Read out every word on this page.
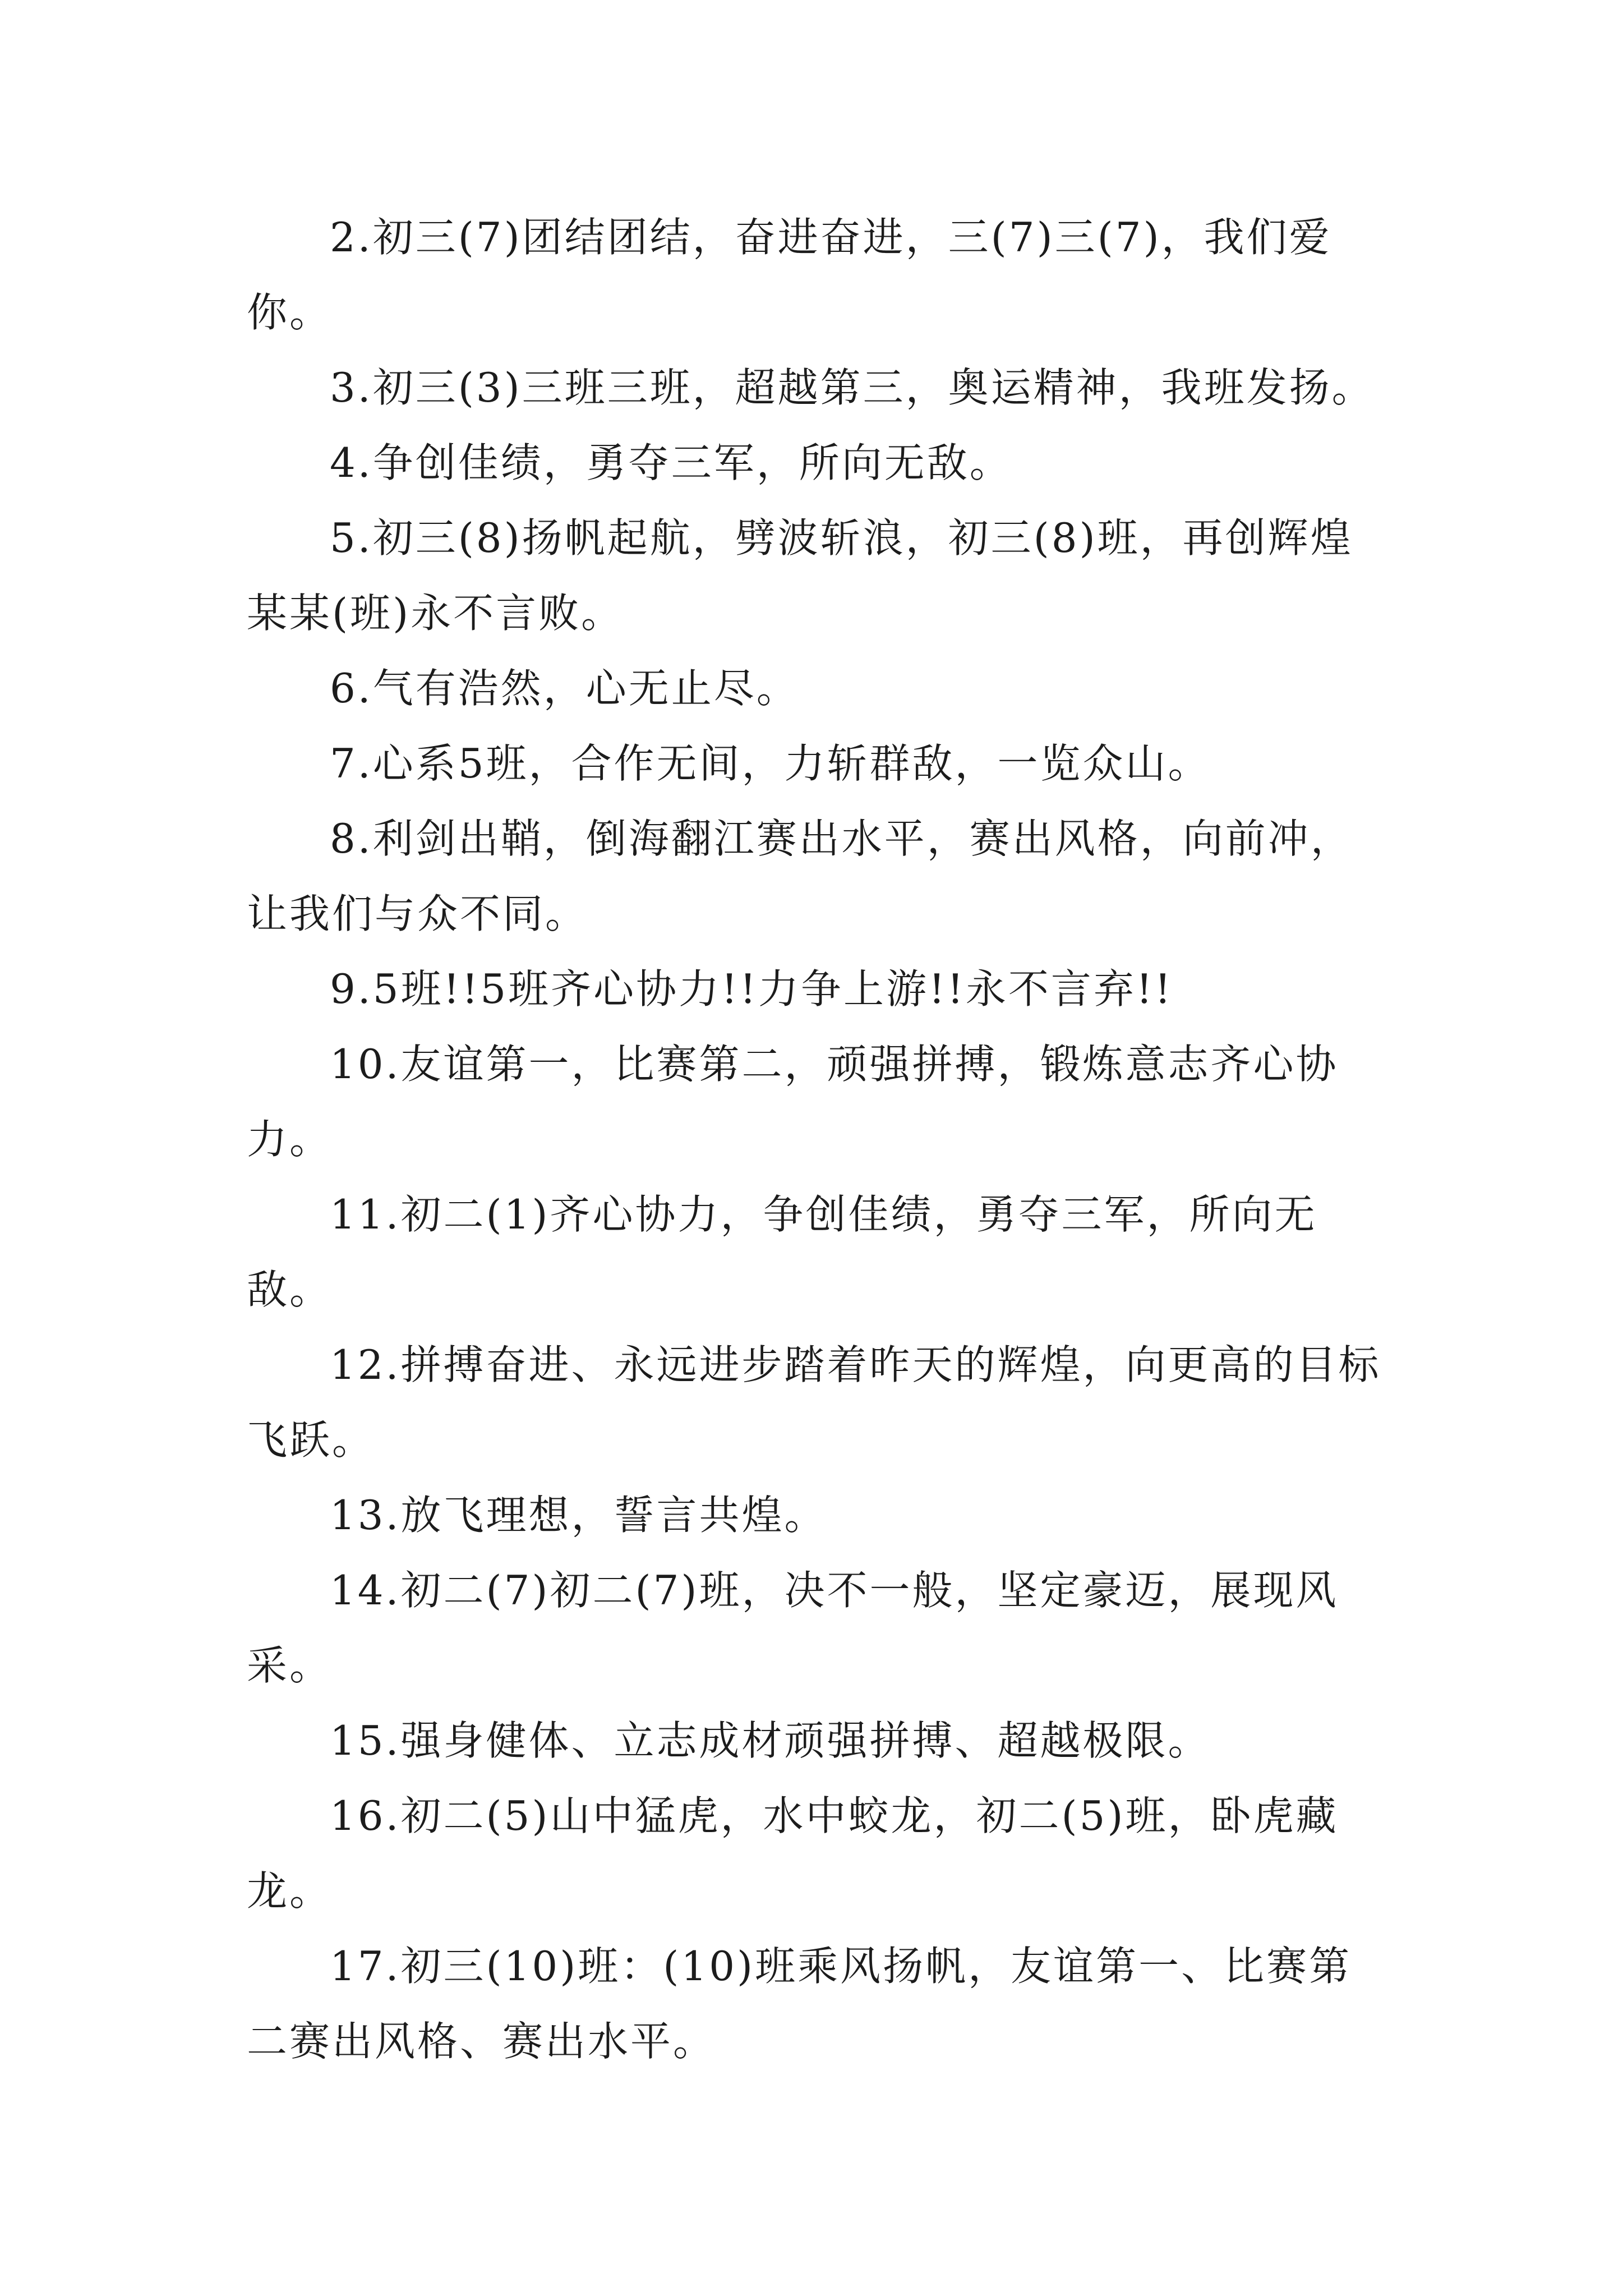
2.初三(7)团结团结，奋进奋进，三(7)三(7)，我们爱你。

3.初三(3)三班三班，超越第三，奥运精神，我班发扬。

4.争创佳绩，勇夺三军，所向无敌。

5.初三(8)扬帆起航，劈波斩浪，初三(8)班，再创辉煌某某(班)永不言败。

6.气有浩然，心无止尽。

7.心系5班，合作无间，力斩群敌，一览众山。

8.利剑出鞘，倒海翻江赛出水平，赛出风格，向前冲，让我们与众不同。

9.5班!!5班齐心协力!!力争上游!!永不言弃!!

10.友谊第一，比赛第二，顽强拼搏，锻炼意志齐心协力。

11.初二(1)齐心协力，争创佳绩，勇夺三军，所向无敌。

12.拼搏奋进、永远进步踏着昨天的辉煌，向更高的目标飞跃。

13.放飞理想，誓言共煌。

14.初二(7)初二(7)班，决不一般，坚定豪迈，展现风采。

15.强身健体、立志成材顽强拼搏、超越极限。

16.初二(5)山中猛虎，水中蛟龙，初二(5)班，卧虎藏龙。

17.初三(10)班：(10)班乘风扬帆，友谊第一、比赛第二赛出风格、赛出水平。
